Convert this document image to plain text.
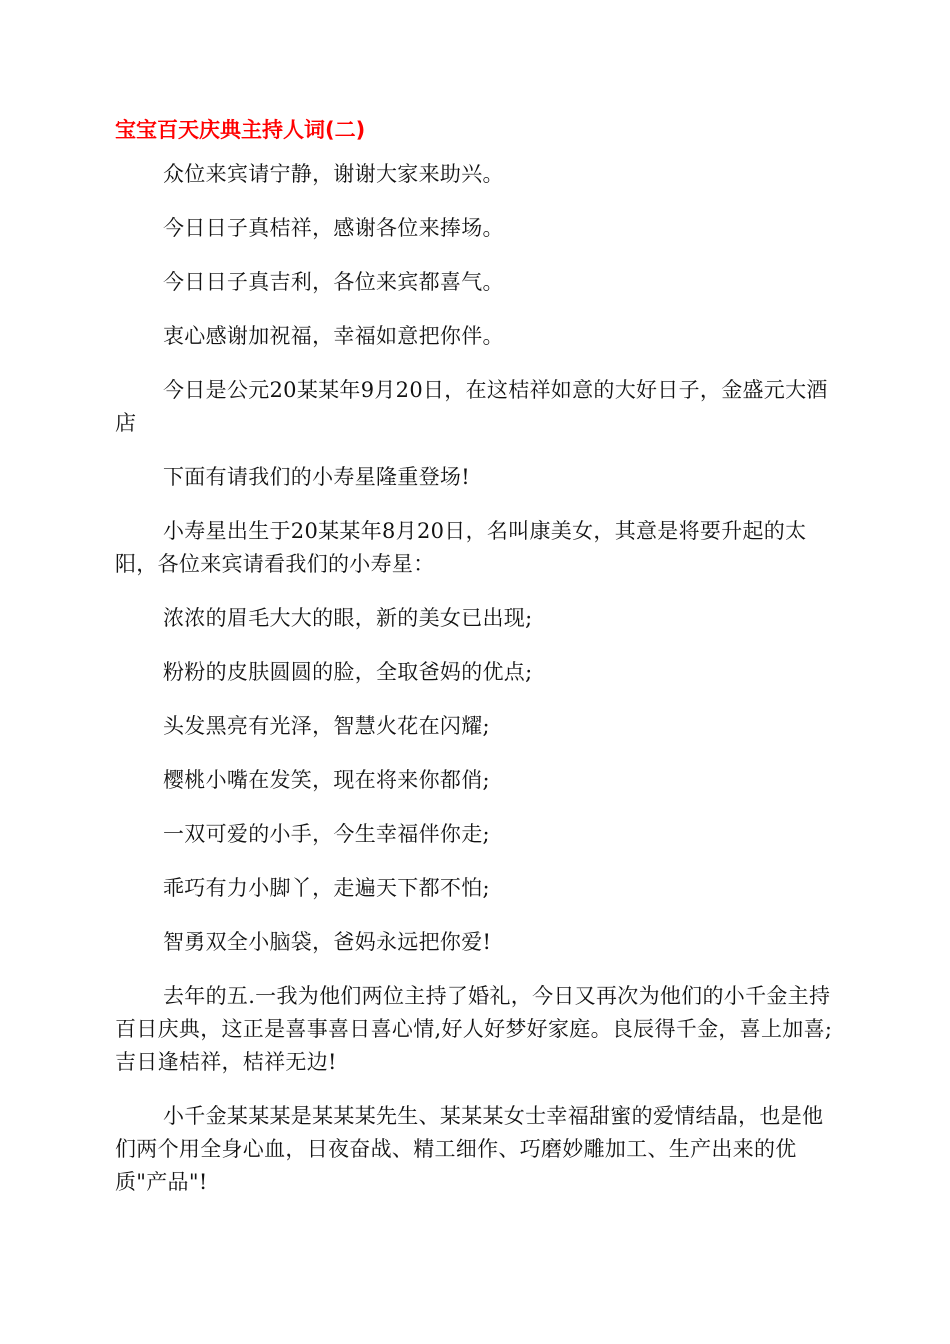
宝宝百天庆典主持人词(二)

众位来宾请宁静，谢谢大家来助兴。

今日日子真桔祥，感谢各位来捧场。

今日日子真吉利，各位来宾都喜气。

衷心感谢加祝福，幸福如意把你伴。

今日是公元20某某年9月20日，在这桔祥如意的大好日子，金盛元大酒店

下面有请我们的小寿星隆重登场!

小寿星出生于20某某年8月20日，名叫康美女，其意是将要升起的太阳，各位来宾请看我们的小寿星：

浓浓的眉毛大大的眼，新的美女已出现;

粉粉的皮肤圆圆的脸，全取爸妈的优点;

头发黑亮有光泽，智慧火花在闪耀;

樱桃小嘴在发笑，现在将来你都俏;

一双可爱的小手，今生幸福伴你走;

乖巧有力小脚丫，走遍天下都不怕;

智勇双全小脑袋，爸妈永远把你爱!

去年的五.一我为他们两位主持了婚礼，今日又再次为他们的小千金主持百日庆典，这正是喜事喜日喜心情,好人好梦好家庭。良辰得千金，喜上加喜;吉日逢桔祥，桔祥无边!

小千金某某某是某某某先生、某某某女士幸福甜蜜的爱情结晶，也是他们两个用全身心血，日夜奋战、精工细作、巧磨妙雕加工、生产出来的优质"产品"!
